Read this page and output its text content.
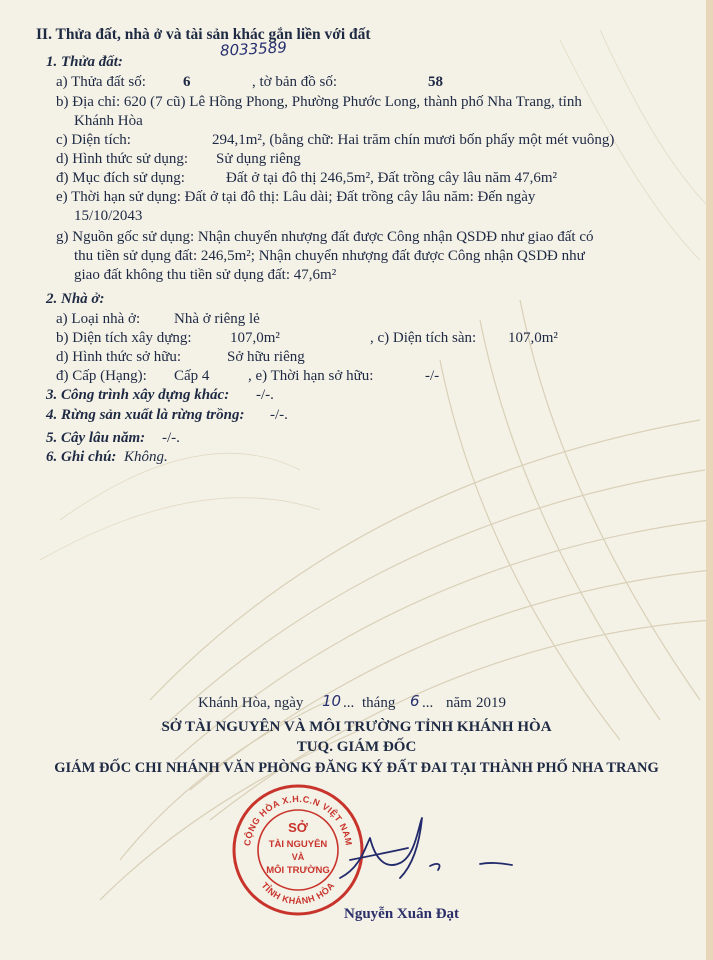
II. Thửa đất, nhà ở và tài sản khác gắn liền với đất
8033589
1. Thửa đất:
a) Thửa đất số: 6	, tờ bản đồ số:	58
b) Địa chỉ: 620 (7 cũ) Lê Hồng Phong, Phường Phước Long, thành phố Nha Trang, tỉnh
Khánh Hòa
c) Diện tích:	294,1m², (bằng chữ: Hai trăm chín mươi bốn phẩy một mét vuông)
d) Hình thức sử dụng: Sử dụng riêng
đ) Mục đích sử dụng:	Đất ở tại đô thị 246,5m², Đất trồng cây lâu năm 47,6m²
e) Thời hạn sử dụng: Đất ở tại đô thị: Lâu dài; Đất trồng cây lâu năm: Đến ngày
15/10/2043
g) Nguồn gốc sử dụng: Nhận chuyển nhượng đất được Công nhận QSDĐ như giao đất có
thu tiền sử dụng đất: 246,5m²; Nhận chuyển nhượng đất được Công nhận QSDĐ như
giao đất không thu tiền sử dụng đất: 47,6m²
2. Nhà ở:
a) Loại nhà ở: Nhà ở riêng lẻ
b) Diện tích xây dựng:	107,0m²	, c) Diện tích sàn: 107,0m²
d) Hình thức sở hữu:	Sở hữu riêng
đ) Cấp (Hạng): Cấp 4	, e) Thời hạn sở hữu:	-/-
3. Công trình xây dựng khác: -/-.
4. Rừng sản xuất là rừng trồng: -/-.
5. Cây lâu năm: -/-.
6. Ghi chú: Không.
Khánh Hòa, ngày 10 ... tháng 6 ... năm 2019
SỞ TÀI NGUYÊN VÀ MÔI TRƯỜNG TỈNH KHÁNH HÒA
TUQ. GIÁM ĐỐC
GIÁM ĐỐC CHI NHÁNH VĂN PHÒNG ĐĂNG KÝ ĐẤT ĐAI TẠI THÀNH PHỐ NHA TRANG
CỘNG HÒA X.H.C.N VIỆT NAM
TỈNH KHÁNH HÒA
SỞ
TÀI NGUYÊN
VÀ
MÔI TRƯỜNG
Nguyễn Xuân Đạt
